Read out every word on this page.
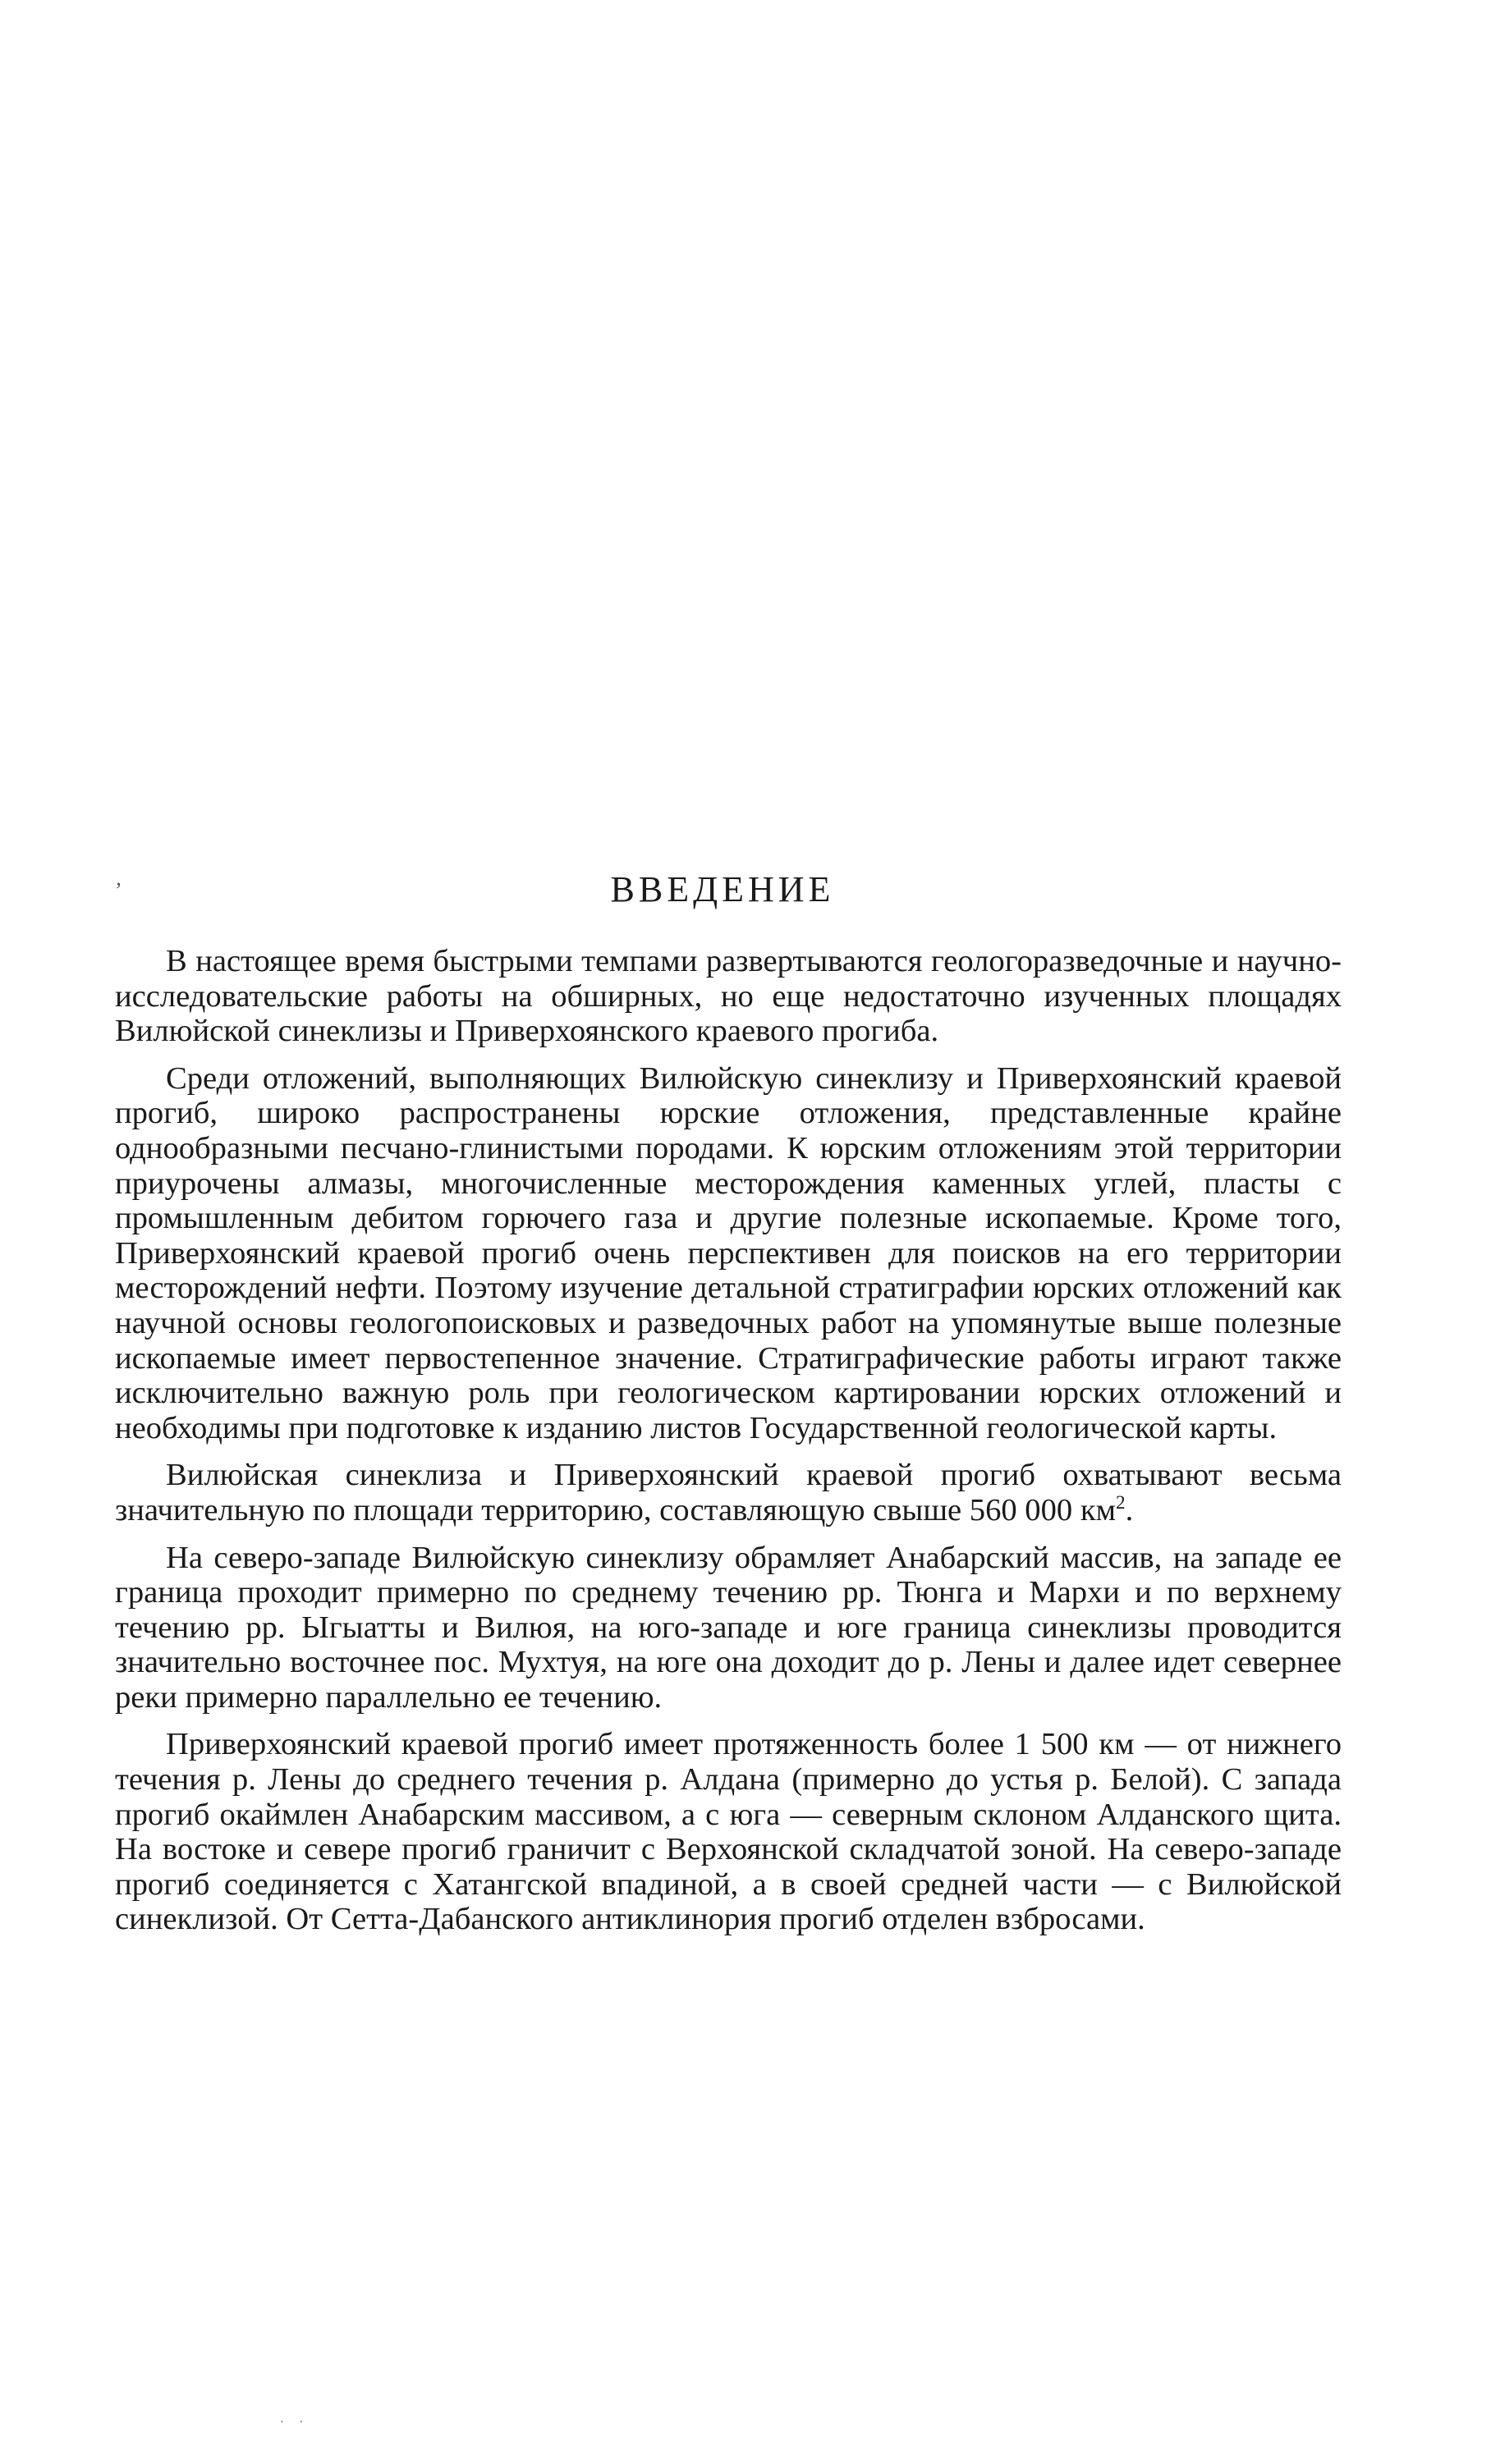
’	ВВЕДЕНИЕ

В настоящее время быстрыми темпами развертываются геологоразведочные и научно-исследовательские работы на обширных, но еще недостаточно изученных площадях Вилюйской синеклизы и Приверхоянского краевого прогиба.

Среди отложений, выполняющих Вилюйскую синеклизу и Приверхоянский краевой прогиб, широко распространены юрские отложения, представленные крайне однообразными песчано-глинистыми породами. К юрским отложениям этой территории приурочены алмазы, многочисленные месторождения каменных углей, пласты с промышленным дебитом горючего газа и другие полезные ископаемые. Кроме того, Приверхоянский краевой прогиб очень перспективен для поисков на его территории месторождений нефти. Поэтому изучение детальной стратиграфии юрских отложений как научной основы геологопоисковых и разведочных работ на упомянутые выше полезные ископаемые имеет первостепенное значение. Стратиграфические работы играют также исключительно важную роль при геологическом картировании юрских отложений и необходимы при подготовке к изданию листов Государственной геологической карты.

Вилюйская синеклиза и Приверхоянский краевой прогиб охватывают весьма значительную по площади территорию, составляющую свыше 560 000 $км^2$.

На северо-западе Вилюйскую синеклизу обрамляет Анабарский массив, на западе ее граница проходит примерно по среднему течению рр. Тюнга и Мархи и по верхнему течению рр. Ыгыатты и Вилюя, на юго-западе и юге граница синеклизы проводится значительно восточнее пос. Мухтуя, на юге она доходит до р. Лены и далее идет севернее реки примерно параллельно ее течению.

Приверхоянский краевой прогиб имеет протяженность более 1 500 км — от нижнего течения р. Лены до среднего течения р. Алдана (примерно до устья р. Белой). С запада прогиб окаймлен Анабарским массивом, а с юга — северным склоном Алданского щита. На востоке и севере прогиб граничит с Верхоянской складчатой зоной. На северо-западе прогиб соединяется с Хатангской впадиной, а в своей средней части — с Вилюйской синеклизой. От Сетта-Дабанского антиклинория прогиб отделен взбросами.

· ·
